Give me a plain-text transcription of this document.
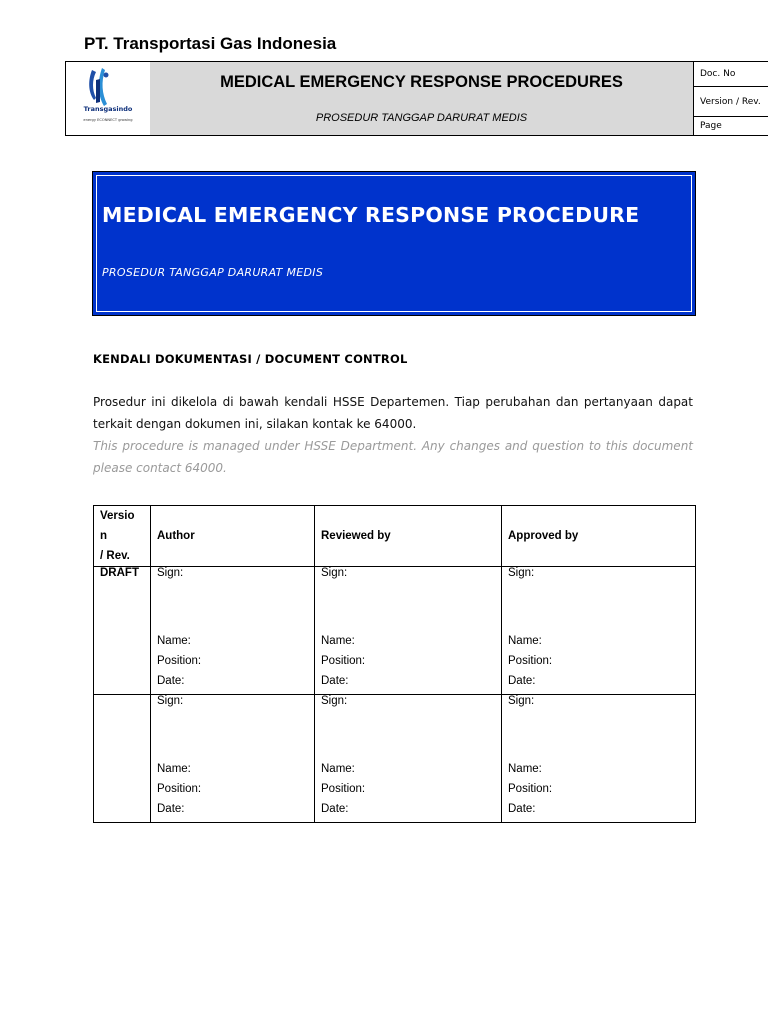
PT. Transportasi Gas Indonesia
Transgasindo
energy ECONNECT growing
MEDICAL EMERGENCY RESPONSE PROCEDURES
PROSEDUR TANGGAP DARURAT MEDIS
Doc. No
Version / Rev.
Page
MEDICAL EMERGENCY RESPONSE PROCEDURE
PROSEDUR TANGGAP DARURAT MEDIS
KENDALI DOKUMENTASI / DOCUMENT CONTROL
Prosedur ini dikelola di bawah kendali HSSE Departemen. Tiap perubahan dan pertanyaan dapat terkait dengan dokumen ini, silakan kontak ke 64000.
This procedure is managed under HSSE Department. Any changes and question to this document please contact 64000.
Versio
n
/ Rev.	Author	Reviewed by	Approved by
DRAFT	Sign:
Name:
Position:
Date:	Sign:
Name:
Position:
Date:	Sign:
Name:
Position:
Date:

	Sign:
Name:
Position:
Date:	Sign:
Name:
Position:
Date:	Sign:
Name:
Position:
Date:
